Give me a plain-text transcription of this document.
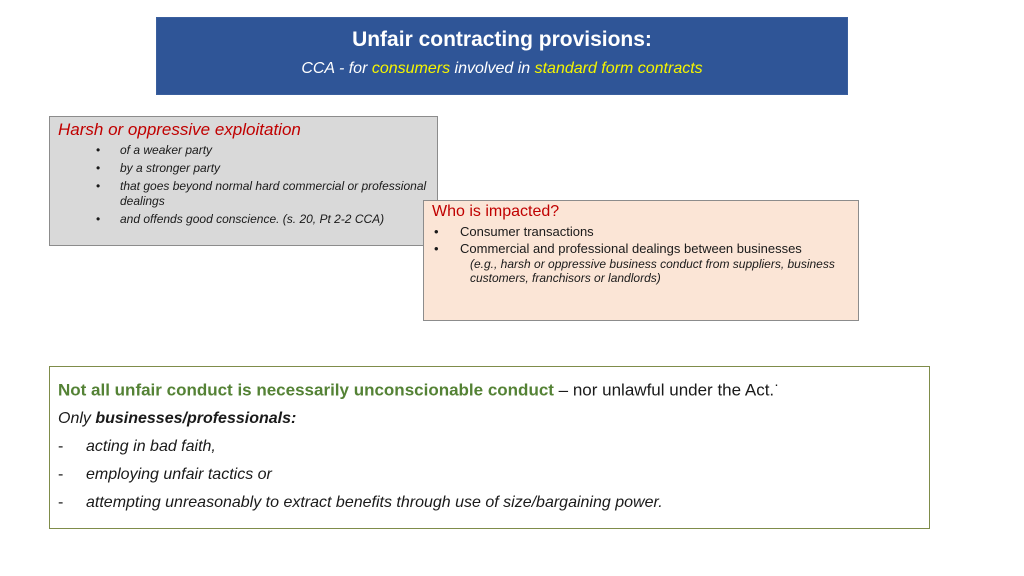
Unfair contracting provisions:
CCA - for consumers involved in standard form contracts
Harsh or oppressive exploitation
• of a weaker party
• by a stronger party
• that goes beyond normal hard commercial or professional dealings
• and offends good conscience. (s. 20, Pt 2-2 CCA)	Who is impacted?
• Consumer transactions
• Commercial and professional dealings between businesses
(e.g., harsh or oppressive business conduct from suppliers, business customers, franchisors or landlords)
Not all unfair conduct is necessarily unconscionable conduct – nor unlawful under the Act.·
Only businesses/professionals:
-	acting in bad faith,
-	employing unfair tactics or
-	attempting unreasonably to extract benefits through use of size/bargaining power.
